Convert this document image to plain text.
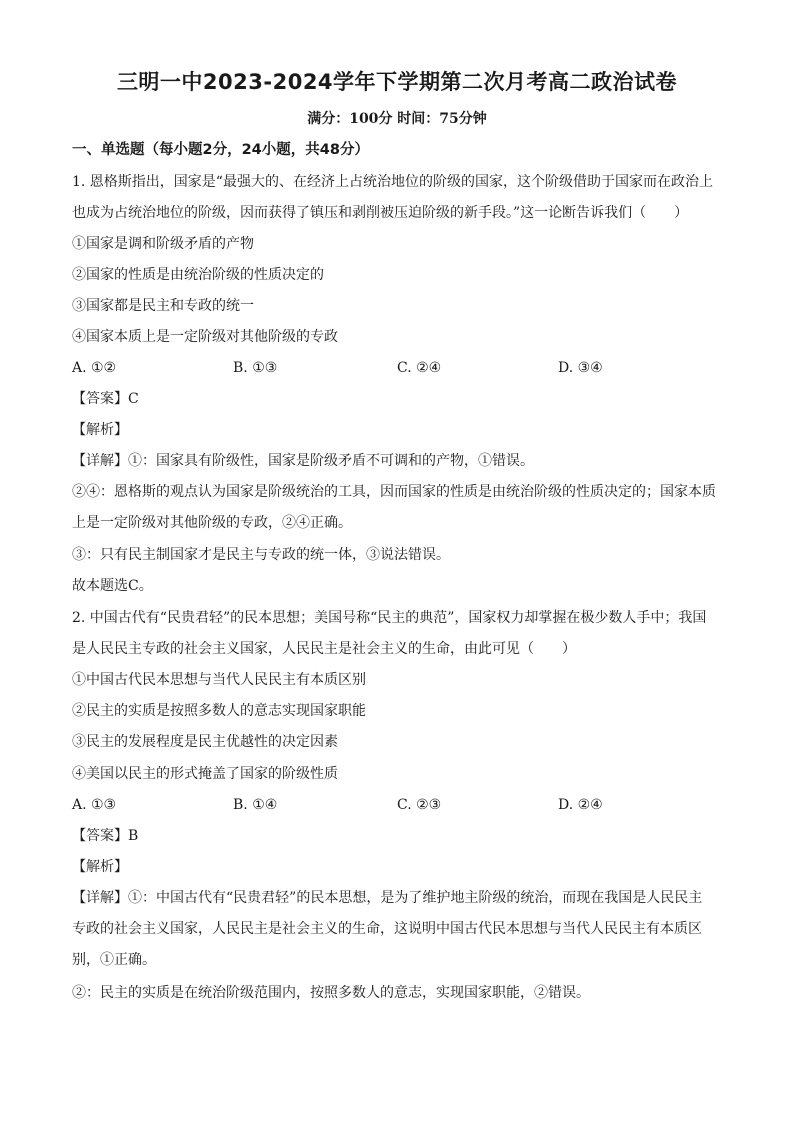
三明一中2023-2024学年下学期第二次月考高二政治试卷
满分：100分 时间：75分钟
一、单选题（每小题2分，24小题，共48分）
1. 恩格斯指出，国家是“最强大的、在经济上占统治地位的阶级的国家，这个阶级借助于国家而在政治上
也成为占统治地位的阶级，因而获得了镇压和剥削被压迫阶级的新手段。”这一论断告诉我们（　　）
①国家是调和阶级矛盾的产物
②国家的性质是由统治阶级的性质决定的
③国家都是民主和专政的统一
④国家本质上是一定阶级对其他阶级的专政
A. ①②	B. ①③	C. ②④	D. ③④
【答案】C
【解析】
【详解】①：国家具有阶级性，国家是阶级矛盾不可调和的产物，①错误。
②④：恩格斯的观点认为国家是阶级统治的工具，因而国家的性质是由统治阶级的性质决定的；国家本质
上是一定阶级对其他阶级的专政，②④正确。
③：只有民主制国家才是民主与专政的统一体，③说法错误。
故本题选C。
2. 中国古代有“民贵君轻”的民本思想；美国号称“民主的典范”，国家权力却掌握在极少数人手中；我国
是人民民主专政的社会主义国家，人民民主是社会主义的生命，由此可见（　　）
①中国古代民本思想与当代人民民主有本质区别
②民主的实质是按照多数人的意志实现国家职能
③民主的发展程度是民主优越性的决定因素
④美国以民主的形式掩盖了国家的阶级性质
A. ①③	B. ①④	C. ②③	D. ②④
【答案】B
【解析】
【详解】①：中国古代有“民贵君轻”的民本思想，是为了维护地主阶级的统治，而现在我国是人民民主
专政的社会主义国家，人民民主是社会主义的生命，这说明中国古代民本思想与当代人民民主有本质区
别，①正确。
②：民主的实质是在统治阶级范围内，按照多数人的意志，实现国家职能，②错误。
